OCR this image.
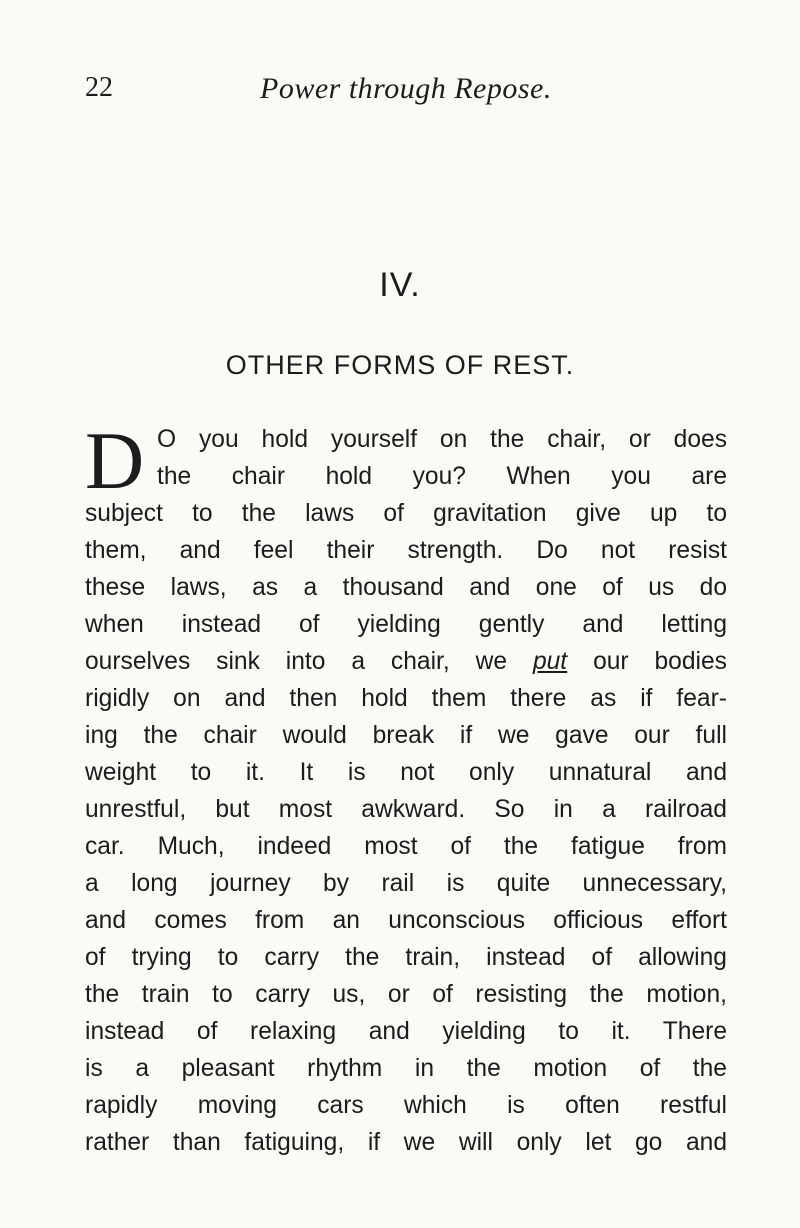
22	Power through Repose.
IV.
OTHER FORMS OF REST.
D O you hold yourself on the chair, or does
the chair hold you? When you are
subject to the laws of gravitation give up to
them, and feel their strength. Do not resist
these laws, as a thousand and one of us do
when instead of yielding gently and letting
ourselves sink into a chair, we put our bodies
rigidly on and then hold them there as if fear-
ing the chair would break if we gave our full
weight to it. It is not only unnatural and
unrestful, but most awkward. So in a railroad
car. Much, indeed most of the fatigue from
a long journey by rail is quite unnecessary,
and comes from an unconscious officious effort
of trying to carry the train, instead of allowing
the train to carry us, or of resisting the motion,
instead of relaxing and yielding to it. There
is a pleasant rhythm in the motion of the
rapidly moving cars which is often restful
rather than fatiguing, if we will only let go and
